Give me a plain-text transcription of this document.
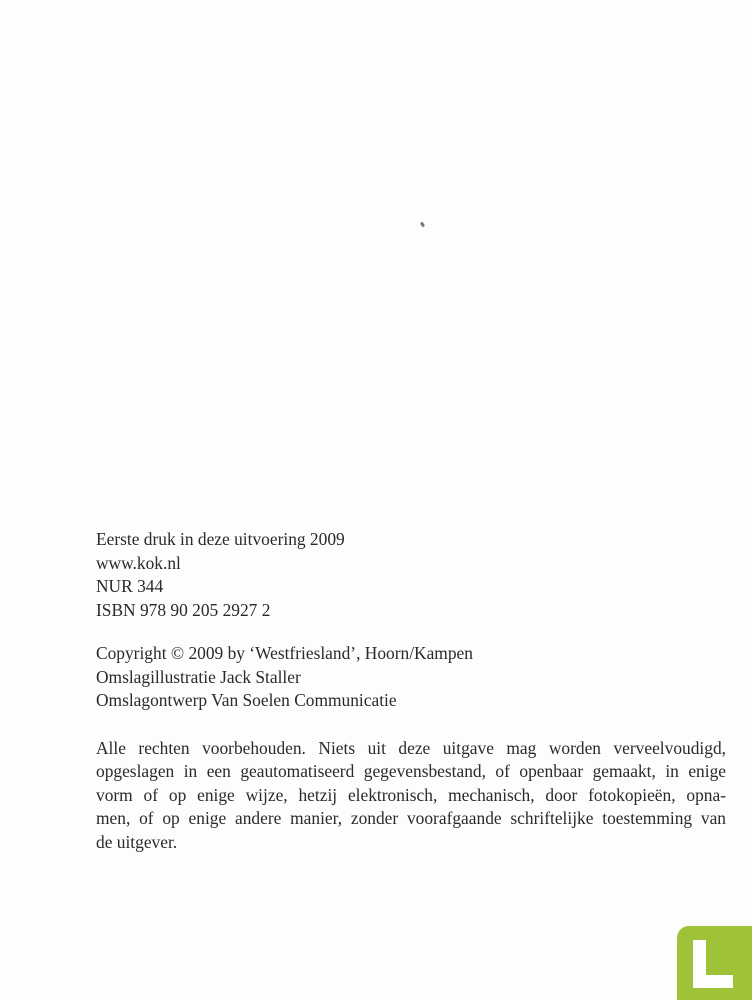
Eerste druk in deze uitvoering 2009

www.kok.nl

NUR 344
ISBN 978 90 205 2927 2
Copyright © 2009 by ‘Westfriesland’, Hoorn/Kampen
Omslagillustratie Jack Staller
Omslagontwerp Van Soelen Communicatie
Alle rechten voorbehouden. Niets uit deze uitgave mag worden verveelvoudigd,
opgeslagen in een geautomatiseerd gegevensbestand, of openbaar gemaakt, in enige
vorm of op enige wijze, hetzij elektronisch, mechanisch, door fotokopieën, opna-
men, of op enige andere manier, zonder voorafgaande schriftelijke toestemming van
de uitgever.
